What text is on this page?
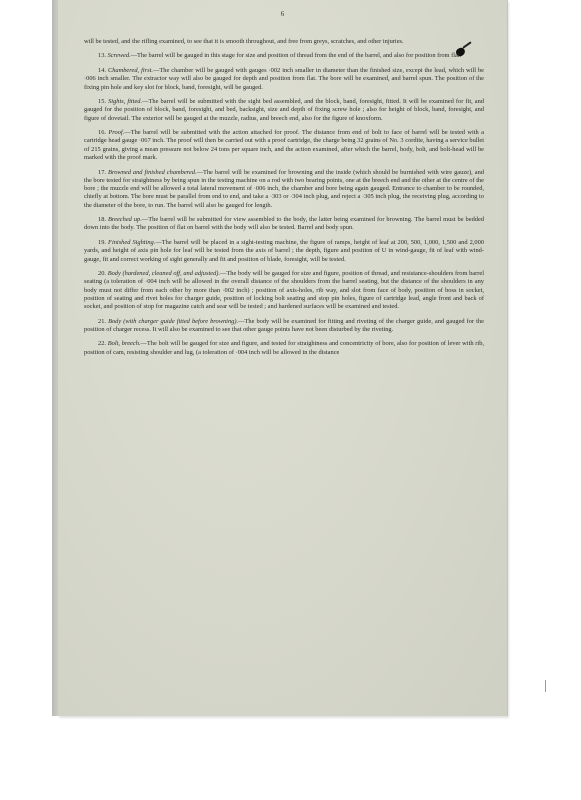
6

will be tested, and the rifling examined, to see that it is smooth throughout, and free from greys, scratches, and other injuries.

13. Screwed.—The barrel will be gauged in this stage for size and position of thread from the end of the barrel, and also for position from flat.

14. Chambered, first.—The chamber will be gauged with gauges ·002 inch smaller in diameter than the finished size, except the lead, which will be ·006 inch smaller. The extractor way will also be gauged for depth and position from flat. The bore will be examined, and barrel spun. The position of the fixing pin hole and key slot for block, band, foresight, will be gauged.

15. Sights, fitted.—The barrel will be submitted with the sight bed assembled, and the block, band, foresight, fitted. It will be examined for fit, and gauged for the position of block, band, foresight, and bed, backsight, size and depth of fixing screw hole ; also for height of block, band, foresight, and figure of dovetail. The exterior will be gauged at the muzzle, radius, and breech end, also for the figure of knoxform.

16. Proof.—The barrel will be submitted with the action attached for proof. The distance from end of bolt to face of barrel will be tested with a cartridge head gauge ·067 inch. The proof will then be carried out with a proof cartridge, the charge being 32 grains of No. 3 cordite, having a service bullet of 215 grains, giving a mean pressure not below 24 tons per square inch, and the action examined, after which the barrel, body, bolt, and bolt-head will be marked with the proof mark.

17. Browned and finished chambered.—The barrel will be examined for browning and the inside (which should be burnished with wire gauze), and the bore tested for straightness by being spun in the testing machine on a rod with two bearing points, one at the breech end and the other at the centre of the bore ; the muzzle end will be allowed a total lateral movement of ·006 inch, the chamber and bore being again gauged. Entrance to chamber to be rounded, chiefly at bottom. The bore must be parallel from end to end, and take a ·303 or ·304 inch plug, and reject a ·305 inch plug, the receiving plug, according to the diameter of the bore, to run. The barrel will also be gauged for length.

18. Breeched up.—The barrel will be submitted for view assembled to the body, the latter being examined for browning. The barrel must be bedded down into the body. The position of flat on barrel with the body will also be tested. Barrel and body spun.

19. Finished Sighting.—The barrel will be placed in a sight-testing machine, the figure of ramps, height of leaf at 200, 500, 1,000, 1,500 and 2,000 yards, and height of axis pin hole for leaf will be tested from the axis of barrel ; the depth, figure and position of U in wind-gauge, fit of leaf with wind-gauge, fit and correct working of sight generally and fit and position of blade, foresight, will be tested.

20. Body (hardened, cleaned off, and adjusted).—The body will be gauged for size and figure, position of thread, and resistance-shoulders from barrel seating (a toleration of ·004 inch will be allowed in the overall distance of the shoulders from the barrel seating, but the distance of the shoulders in any body must not differ from each other by more than ·002 inch) ; position of axis-holes, rib way, and slot from face of body, position of boss in socket, position of seating and rivet holes for charger guide, position of locking bolt seating and stop pin holes, figure of cartridge lead, angle front and back of socket, and position of stop for magazine catch and sear will be tested ; and hardened surfaces will be examined and tested.

21. Body (with charger guide fitted before browning).—The body will be examined for fitting and riveting of the charger guide, and gauged for the position of charger recess. It will also be examined to see that other gauge points have not been disturbed by the riveting.

22. Bolt, breech.—The bolt will be gauged for size and figure, and tested for straightness and concentricity of bore, also for position of lever with rib, position of cam, resisting shoulder and lug, (a toleration of ·004 inch will be allowed in the distance
